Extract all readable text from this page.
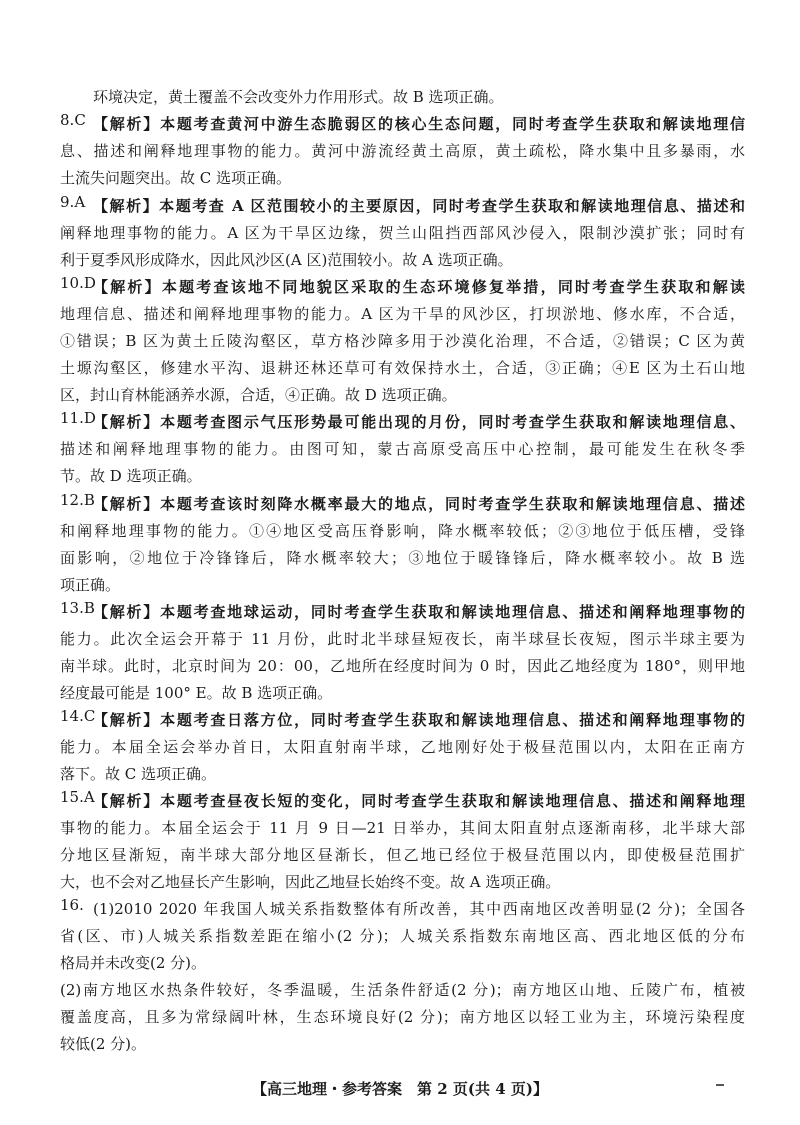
环境决定，黄土覆盖不会改变外力作用形式。故 B 选项正确。
8.C 【解析】本题考查黄河中游生态脆弱区的核心生态问题，同时考查学生获取和解读地理信
息、描述和阐释地理事物的能力。黄河中游流经黄土高原，黄土疏松，降水集中且多暴雨，水
土流失问题突出。故 C 选项正确。
9.A 【解析】本题考查 A 区范围较小的主要原因，同时考查学生获取和解读地理信息、描述和
阐释地理事物的能力。A 区为干旱区边缘，贺兰山阻挡西部风沙侵入，限制沙漠扩张；同时有
利于夏季风形成降水，因此风沙区(A 区)范围较小。故 A 选项正确。
10.D
【解析】本题考查该地不同地貌区采取的生态环境修复举措，同时考查学生获取和解读
地理信息、描述和阐释地理事物的能力。A 区为干旱的风沙区，打坝淤地、修水库，不合适，
①错误；B 区为黄土丘陵沟壑区，草方格沙障多用于沙漠化治理，不合适，②错误；C 区为黄
土塬沟壑区，修建水平沟、退耕还林还草可有效保持水土，合适，③正确；④E 区为土石山地
区，封山育林能涵养水源，合适，④正确。故 D 选项正确。
11.D
【解析】本题考查图示气压形势最可能出现的月份，同时考查学生获取和解读地理信息、
描述和阐释地理事物的能力。由图可知，蒙古高原受高压中心控制，最可能发生在秋冬季
节。故 D 选项正确。
12.B
【解析】本题考查该时刻降水概率最大的地点，同时考查学生获取和解读地理信息、描述
和阐释地理事物的能力。①④地区受高压脊影响，降水概率较低；②③地位于低压槽，受锋
面影响，②地位于冷锋锋后，降水概率较大；③地位于暖锋锋后，降水概率较小。故 B 选
项正确。
13.B
【解析】本题考查地球运动，同时考查学生获取和解读地理信息、描述和阐释地理事物的
能力。此次全运会开幕于 11 月份，此时北半球昼短夜长，南半球昼长夜短，图示半球主要为
南半球。此时，北京时间为 20：00，乙地所在经度时间为 0 时，因此乙地经度为 180°，则甲地
经度最可能是 100° E。故 B 选项正确。
14.C
【解析】本题考查日落方位，同时考查学生获取和解读地理信息、描述和阐释地理事物的
能力。本届全运会举办首日，太阳直射南半球，乙地刚好处于极昼范围以内，太阳在正南方
落下。故 C 选项正确。
15.A
【解析】本题考查昼夜长短的变化，同时考查学生获取和解读地理信息、描述和阐释地理
事物的能力。本届全运会于 11 月 9 日—21 日举办，其间太阳直射点逐渐南移，北半球大部
分地区昼渐短，南半球大部分地区昼渐长，但乙地已经位于极昼范围以内，即使极昼范围扩
大，也不会对乙地昼长产生影响，因此乙地昼长始终不变。故 A 选项正确。
16. (1)2010 2020 年我国人城关系指数整体有所改善，其中西南地区改善明显(2 分)；全国各
省(区、市)人城关系指数差距在缩小(2 分)；人城关系指数东南地区高、西北地区低的分布
格局并未改变(2 分)。
(2)南方地区水热条件较好，冬季温暖，生活条件舒适(2 分)；南方地区山地、丘陵广布，植被
覆盖度高，且多为常绿阔叶林，生态环境良好(2 分)；南方地区以轻工业为主，环境污染程度
较低(2 分)。
【高三地理・参考答案　第 2 页(共 4 页)】
